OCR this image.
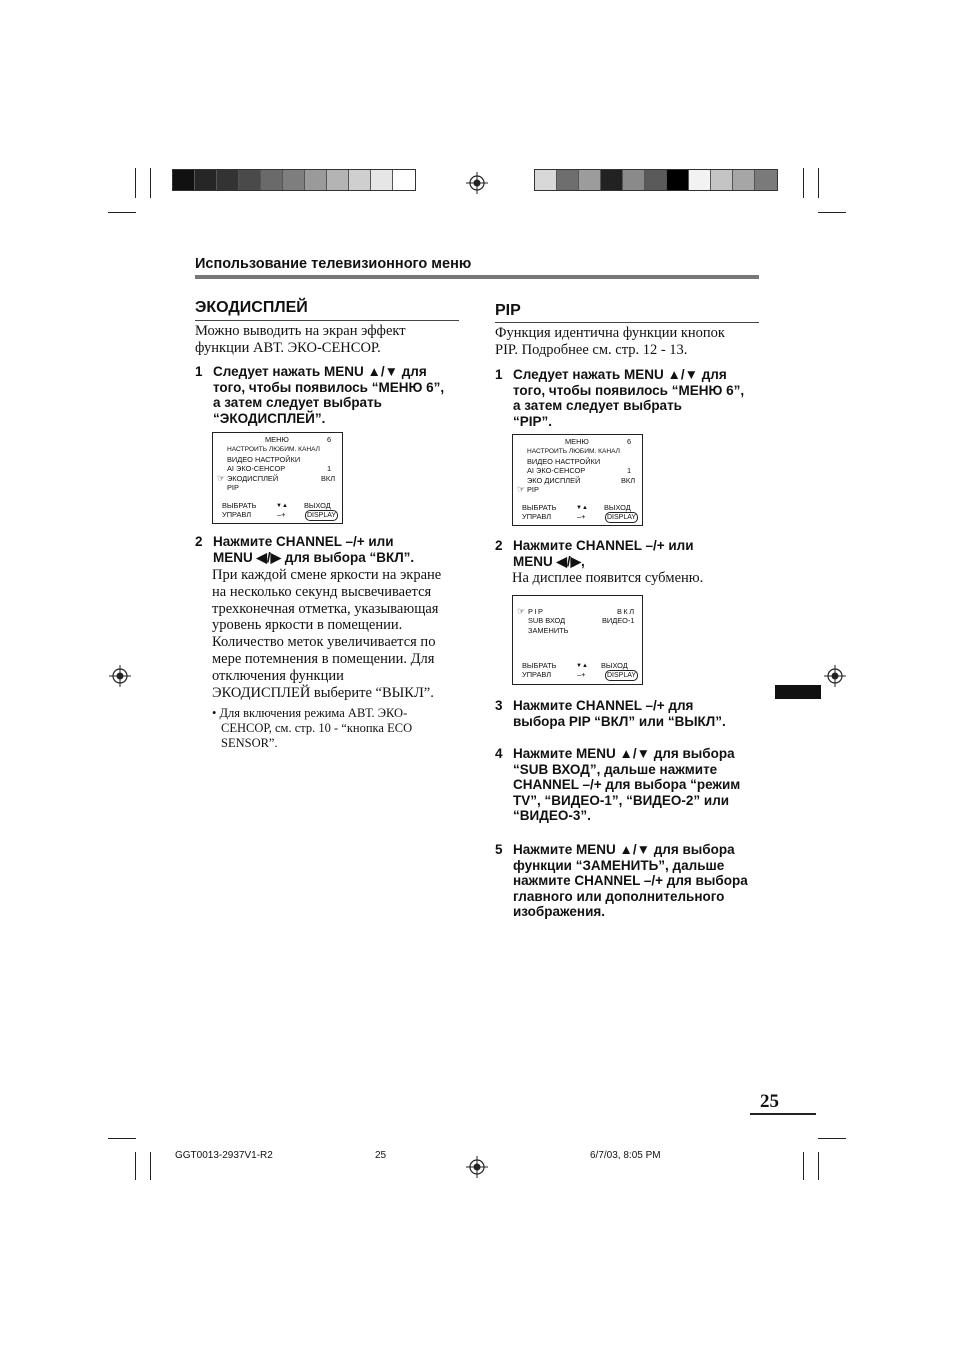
Использование телевизионного меню
ЭКОДИСПЛЕЙ
Можно выводить на экран эффект
функции АВТ. ЭКО-СЕНСОР.
1 Следует нажать MENU ▲/▼ для
того, чтобы появилось “МЕНЮ 6”,
а затем следует выбрать
“ЭКОДИСПЛЕЙ”.
МЕНЮ	6
НАСТРОИТЬ ЛЮБИМ. КАНАЛ
ВИДЕО НАСТРОЙКИ
AI ЭКО-СЕНСОР	1
☞ ЭКОДИСПЛЕЙ	ВКЛ
PIP
ВЫБРАТЬ	▼▲ ВЫХОД
УПРАВЛ	–+	DISPLAY
2 Нажмите CHANNEL –/+ или
MENU ◀/▶ для выбора “ВКЛ”.
При каждой смене яркости на экране
на несколько секунд высвечивается
трехконечная отметка, указывающая
уровень яркости в помещении.
Количество меток увеличивается по
мере потемнения в помещении. Для
отключения функции
ЭКОДИСПЛЕЙ выберите “ВЫКЛ”.
• Для включения режима АВТ. ЭКО-
СЕНСОР, см. стр. 10 - “кнопка ECO
SENSOR”.
PIP
Функция идентична функции кнопок
PIP. Подробнее см. стр. 12 - 13.
1 Следует нажать MENU ▲/▼ для
того, чтобы появилось “МЕНЮ 6”,
а затем следует выбрать
“PIP”.
МЕНЮ	6
НАСТРОИТЬ ЛЮБИМ. КАНАЛ
ВИДЕО НАСТРОЙКИ
AI ЭКО-СЕНСОР	1
ЭКО ДИСПЛЕЙ	ВКЛ
☞ PIP
ВЫБРАТЬ	▼▲ ВЫХОД
УПРАВЛ	–+	DISPLAY
2 Нажмите CHANNEL –/+ или
MENU ◀/▶,
На дисплее появится субменю.
☞ PIP	ВКЛ
SUB ВХОД	ВИДЕО-1
ЗАМЕНИТЬ
ВЫБРАТЬ	▼▲ ВЫХОД
УПРАВЛ	–+	DISPLAY
3 Нажмите CHANNEL –/+ для
выбора PIP “ВКЛ” или “ВЫКЛ”.
4 Нажмите MENU ▲/▼ для выбора
“SUB ВХОД”, дальше нажмите
CHANNEL –/+ для выбора “режим
TV”, “ВИДЕО-1”, “ВИДЕО-2” или
“ВИДЕО-3”.
5 Нажмите MENU ▲/▼ для выбора
функции “ЗАМЕНИТЬ”, дальше
нажмите CHANNEL –/+ для выбора
главного или дополнительного
изображения.
25
GGT0013-2937V1-R2	25	6/7/03, 8:05 PM
